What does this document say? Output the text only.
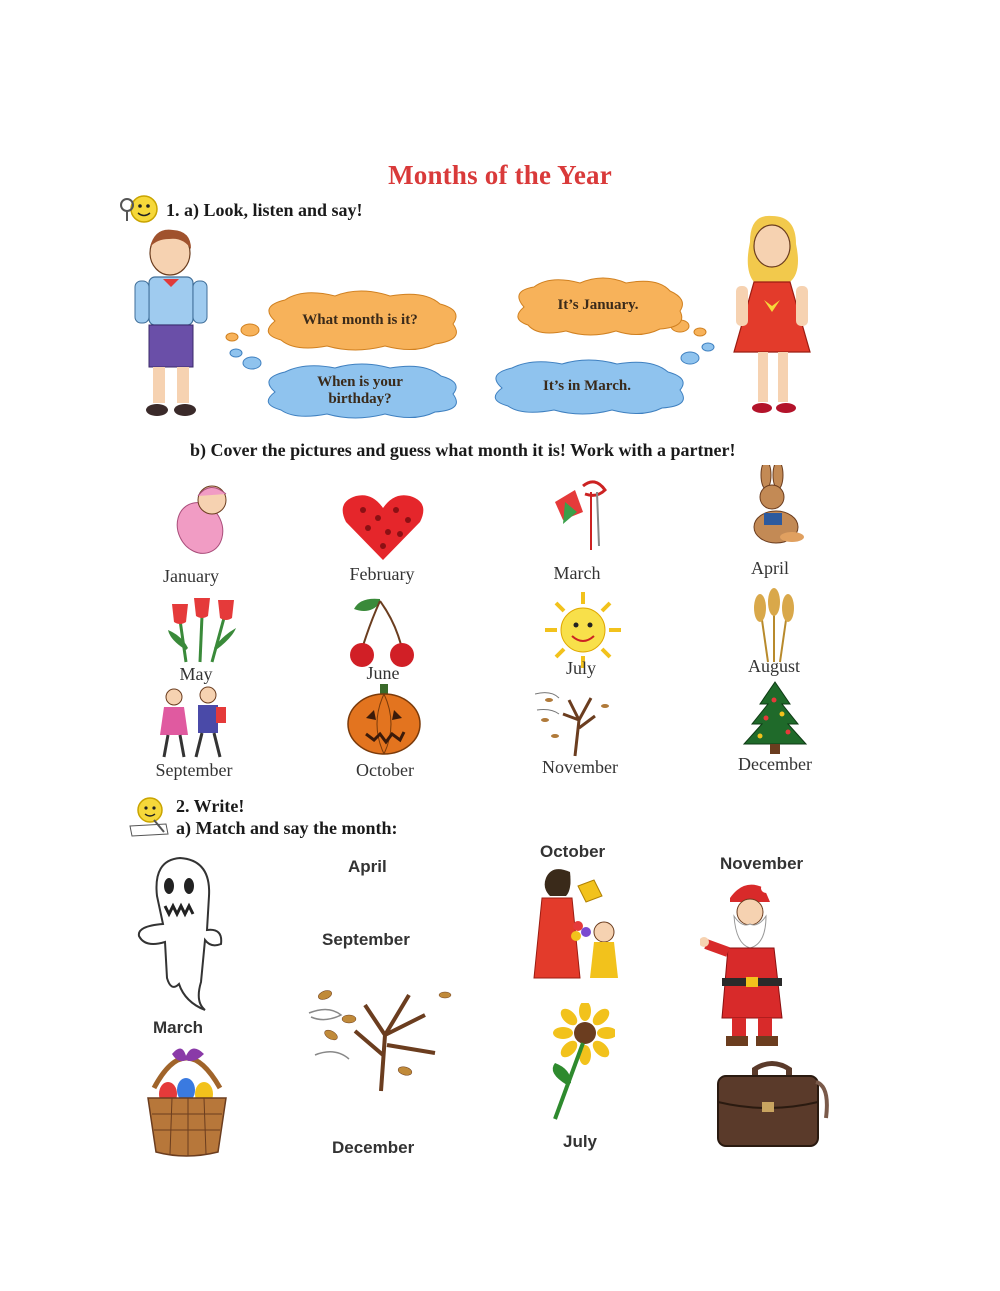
Months of the Year
1. a) Look, listen and say!
What month is it?
It’s January.
When is your
birthday?
It’s in March.
b) Cover the pictures and guess what month it is! Work with a partner!
January	February	March	April
May	June	July	August
September	October	November	December
2. Write!
a) Match and say the month:
April
October
November
September
March
December	July
